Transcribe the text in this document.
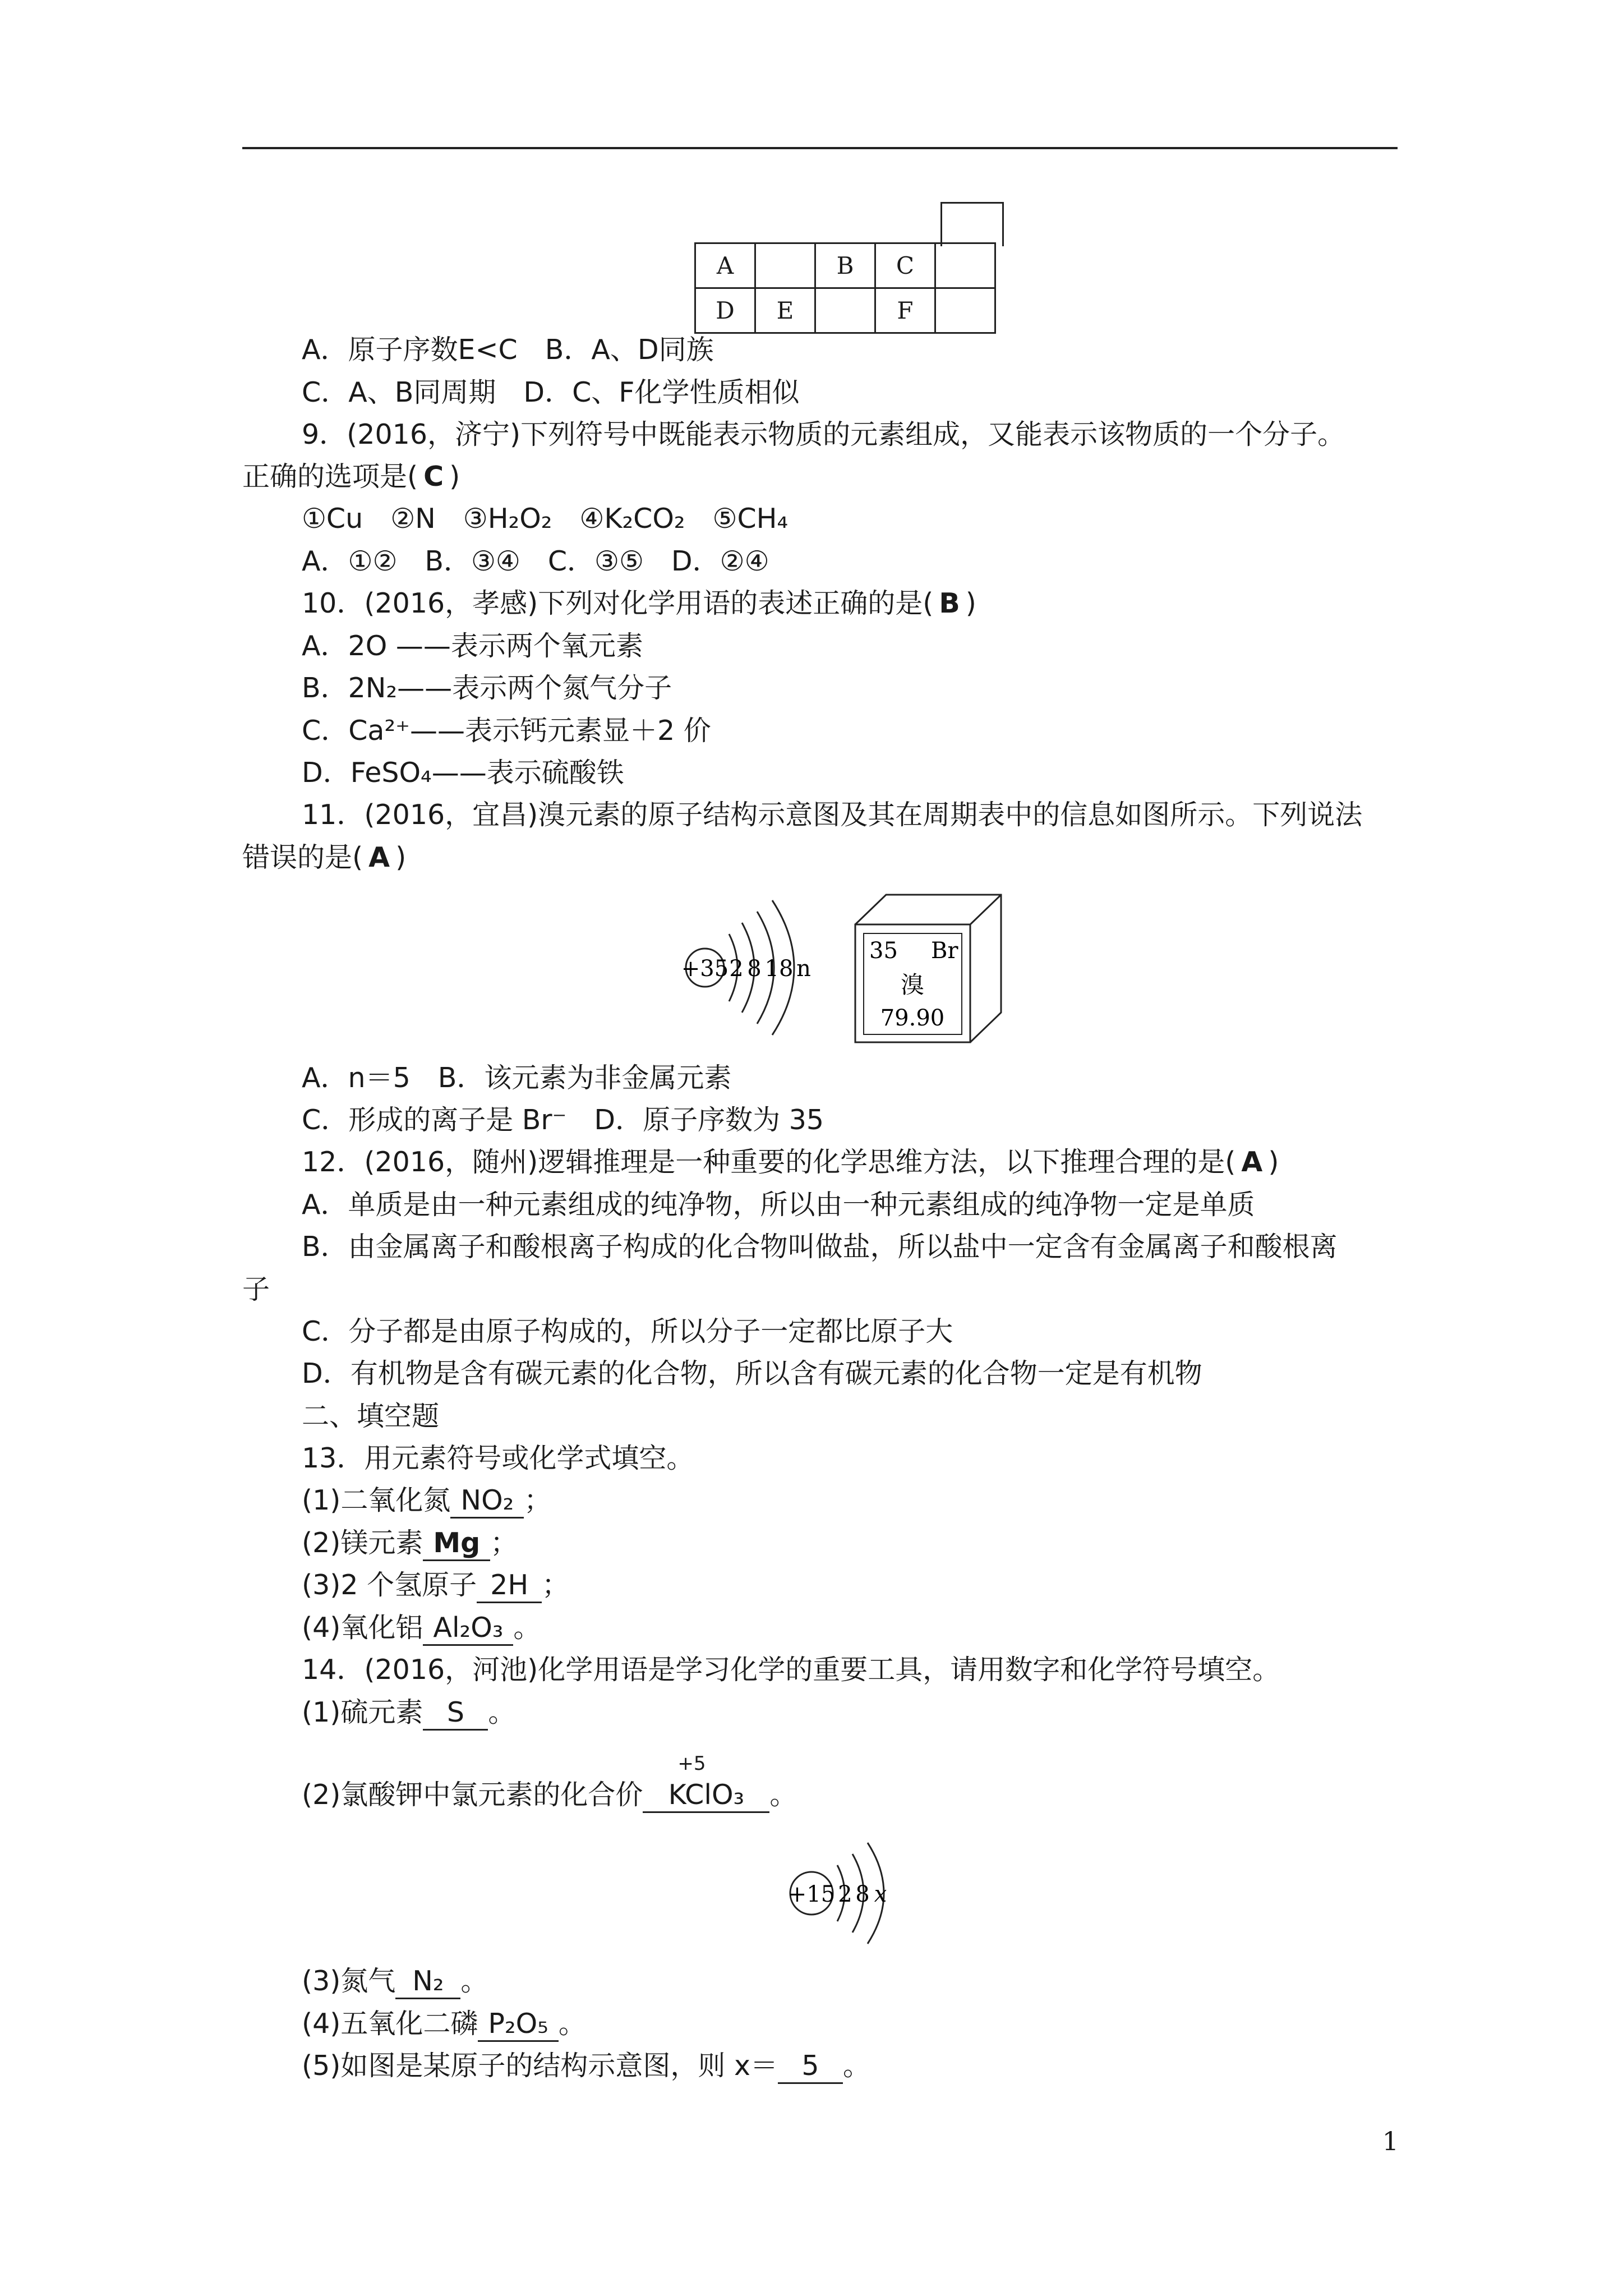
A		B	C	
D	E		F	
A．原子序数E<C　B．A、D同族
C．A、B同周期　D．C、F化学性质相似
9．(2016，济宁)下列符号中既能表示物质的元素组成，又能表示该物质的一个分子。
正确的选项是( C )
①Cu　②N　③H₂O₂　④K₂CO₂　⑤CH₄
A．①②　B．③④　C．③⑤　D．②④
10．(2016，孝感)下列对化学用语的表述正确的是( B )
A．2O ——表示两个氧元素
B．2N₂——表示两个氮气分子
C．Ca²⁺——表示钙元素显＋2 价
D．FeSO₄——表示硫酸铁
11．(2016，宜昌)溴元素的原子结构示意图及其在周期表中的信息如图所示。下列说法
错误的是( A )
+35 2 8 18 n
35 Br
溴
79.90
A．n＝5　B．该元素为非金属元素
C．形成的离子是 Br⁻　D．原子序数为 35
12．(2016，随州)逻辑推理是一种重要的化学思维方法，以下推理合理的是( A )
A．单质是由一种元素组成的纯净物，所以由一种元素组成的纯净物一定是单质
B．由金属离子和酸根离子构成的化合物叫做盐，所以盐中一定含有金属离子和酸根离
子
C．分子都是由原子构成的，所以分子一定都比原子大
D．有机物是含有碳元素的化合物，所以含有碳元素的化合物一定是有机物
二、填空题
13．用元素符号或化学式填空。
(1)二氧化氮 NO₂ ；
(2)镁元素 Mg ；
(3)2 个氢原子 2H ；
(4)氧化铝 Al₂O₃ 。
14．(2016，河池)化学用语是学习化学的重要工具，请用数字和化学符号填空。
(1)硫元素 S 。
(2)氯酸钾中氯元素的化合价
+5
KClO₃ 。
+15 2 8 x
(3)氮气 N₂ 。
(4)五氧化二磷 P₂O₅ 。
(5)如图是某原子的结构示意图，则 x＝ 5 。
1
